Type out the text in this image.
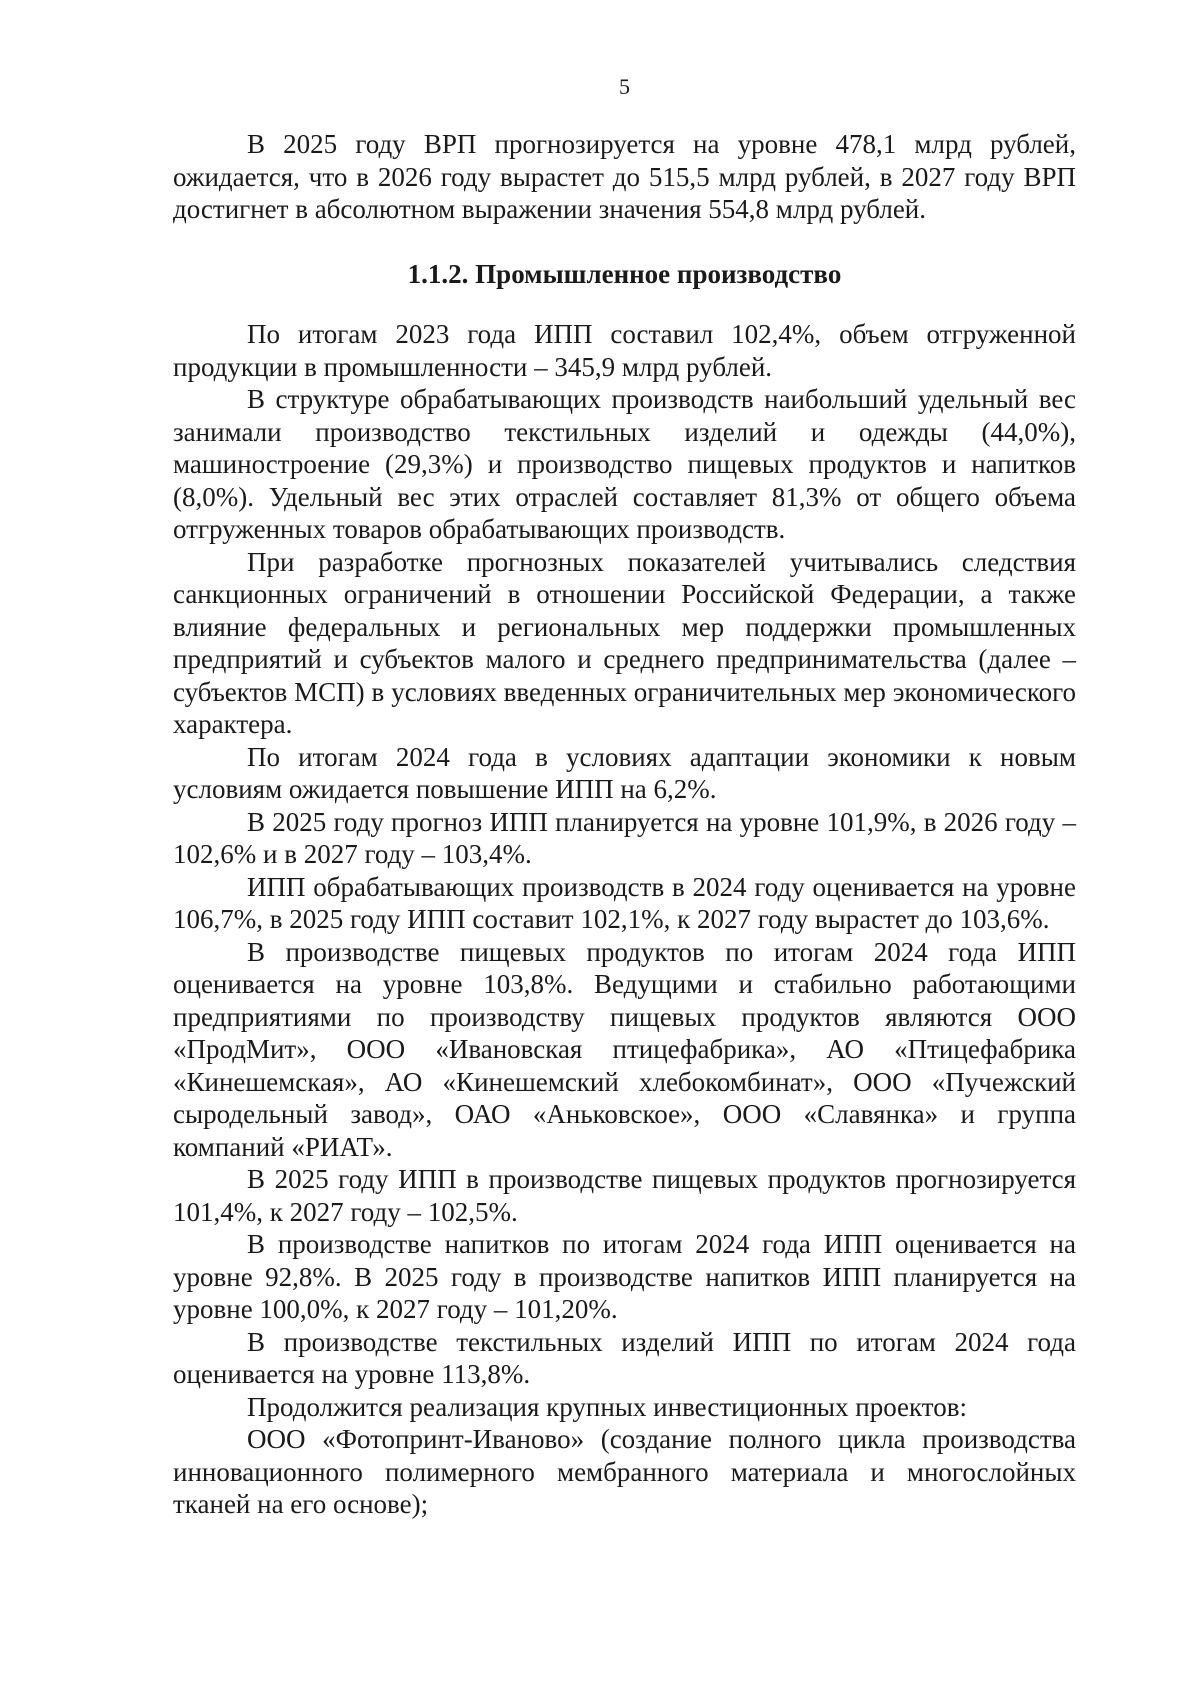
5

В 2025 году ВРП прогнозируется на уровне 478,1 млрд рублей, ожидается, что в 2026 году вырастет до 515,5 млрд рублей, в 2027 году ВРП достигнет в абсолютном выражении значения 554,8 млрд рублей.

1.1.2. Промышленное производство

По итогам 2023 года ИПП составил 102,4%, объем отгруженной продукции в промышленности – 345,9 млрд рублей.

В структуре обрабатывающих производств наибольший удельный вес занимали производство текстильных изделий и одежды (44,0%), машиностроение (29,3%) и производство пищевых продуктов и напитков (8,0%). Удельный вес этих отраслей составляет 81,3% от общего объема отгруженных товаров обрабатывающих производств.

При разработке прогнозных показателей учитывались следствия санкционных ограничений в отношении Российской Федерации, а также влияние федеральных и региональных мер поддержки промышленных предприятий и субъектов малого и среднего предпринимательства (далее – субъектов МСП) в условиях введенных ограничительных мер экономического характера.

По итогам 2024 года в условиях адаптации экономики к новым условиям ожидается повышение ИПП на 6,2%.

В 2025 году прогноз ИПП планируется на уровне 101,9%, в 2026 году – 102,6% и в 2027 году – 103,4%.

ИПП обрабатывающих производств в 2024 году оценивается на уровне 106,7%, в 2025 году ИПП составит 102,1%, к 2027 году вырастет до 103,6%.

В производстве пищевых продуктов по итогам 2024 года ИПП оценивается на уровне 103,8%. Ведущими и стабильно работающими предприятиями по производству пищевых продуктов являются ООО «ПродМит», ООО «Ивановская птицефабрика», АО «Птицефабрика «Кинешемская», АО «Кинешемский хлебокомбинат», ООО «Пучежский сыродельный завод», ОАО «Аньковское», ООО «Славянка» и группа компаний «РИАТ».

В 2025 году ИПП в производстве пищевых продуктов прогнозируется 101,4%, к 2027 году – 102,5%.

В производстве напитков по итогам 2024 года ИПП оценивается на уровне 92,8%. В 2025 году в производстве напитков ИПП планируется на уровне 100,0%, к 2027 году – 101,20%.

В производстве текстильных изделий ИПП по итогам 2024 года оценивается на уровне 113,8%.

Продолжится реализация крупных инвестиционных проектов:

ООО «Фотопринт-Иваново» (создание полного цикла производства инновационного полимерного мембранного материала и многослойных тканей на его основе);
